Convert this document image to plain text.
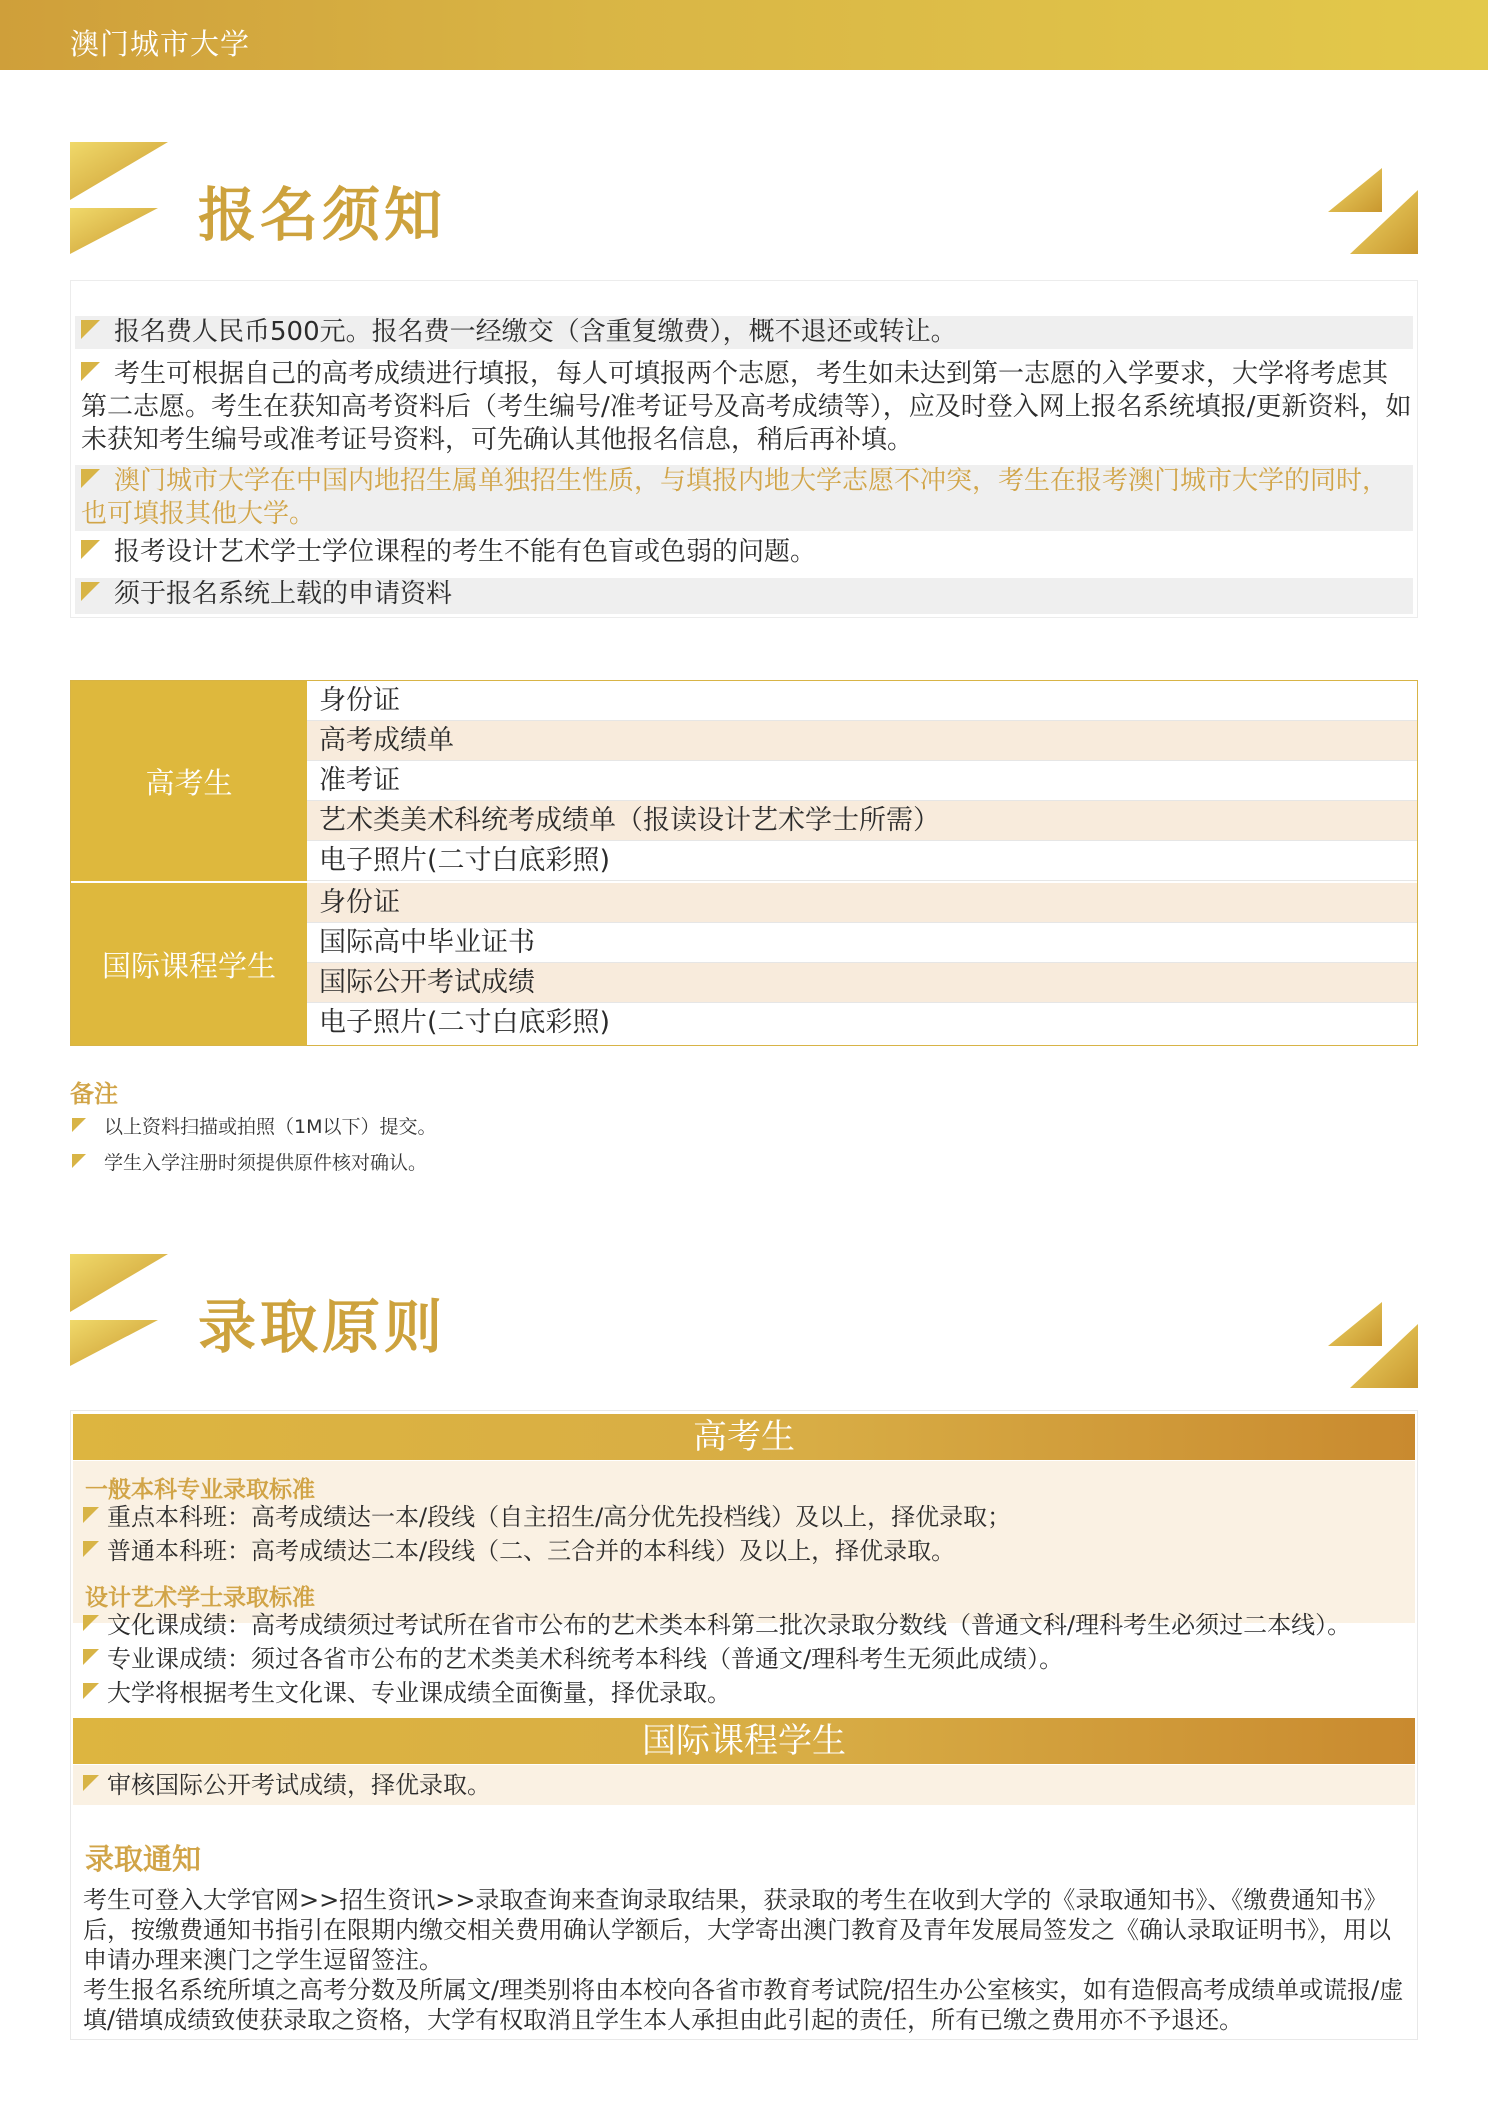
澳门城市大学
报名须知
报名费人民币500元。报名费一经缴交（含重复缴费），概不退还或转让。
考生可根据自己的高考成绩进行填报，每人可填报两个志愿，考生如未达到第一志愿的入学要求，大学将考虑其第二志愿。考生在获知高考资料后（考生编号/准考证号及高考成绩等），应及时登入网上报名系统填报/更新资料，如未获知考生编号或准考证号资料，可先确认其他报名信息，稍后再补填。
澳门城市大学在中国内地招生属单独招生性质，与填报内地大学志愿不冲突，考生在报考澳门城市大学的同时，也可填报其他大学。
报考设计艺术学士学位课程的考生不能有色盲或色弱的问题。
须于报名系统上载的申请资料
高考生
身份证
高考成绩单
准考证
艺术类美术科统考成绩单（报读设计艺术学士所需）
电子照片(二寸白底彩照)
国际课程学生
身份证
国际高中毕业证书
国际公开考试成绩
电子照片(二寸白底彩照)
备注
以上资料扫描或拍照（1M以下）提交。
学生入学注册时须提供原件核对确认。
录取原则
高考生
一般本科专业录取标准
重点本科班：高考成绩达一本/段线（自主招生/高分优先投档线）及以上，择优录取；
普通本科班：高考成绩达二本/段线（二、三合并的本科线）及以上，择优录取。
设计艺术学士录取标准
文化课成绩：高考成绩须过考试所在省市公布的艺术类本科第二批次录取分数线（普通文科/理科考生必须过二本线）。
专业课成绩：须过各省市公布的艺术类美术科统考本科线（普通文/理科考生无须此成绩）。
大学将根据考生文化课、专业课成绩全面衡量，择优录取。
国际课程学生
审核国际公开考试成绩，择优录取。
录取通知
考生可登入大学官网>>招生资讯>>录取查询来查询录取结果，获录取的考生在收到大学的《录取通知书》、《缴费通知书》后，按缴费通知书指引在限期内缴交相关费用确认学额后，大学寄出澳门教育及青年发展局签发之《确认录取证明书》，用以申请办理来澳门之学生逗留签注。
考生报名系统所填之高考分数及所属文/理类别将由本校向各省市教育考试院/招生办公室核实，如有造假高考成绩单或谎报/虚填/错填成绩致使获录取之资格，大学有权取消且学生本人承担由此引起的责任，所有已缴之费用亦不予退还。
